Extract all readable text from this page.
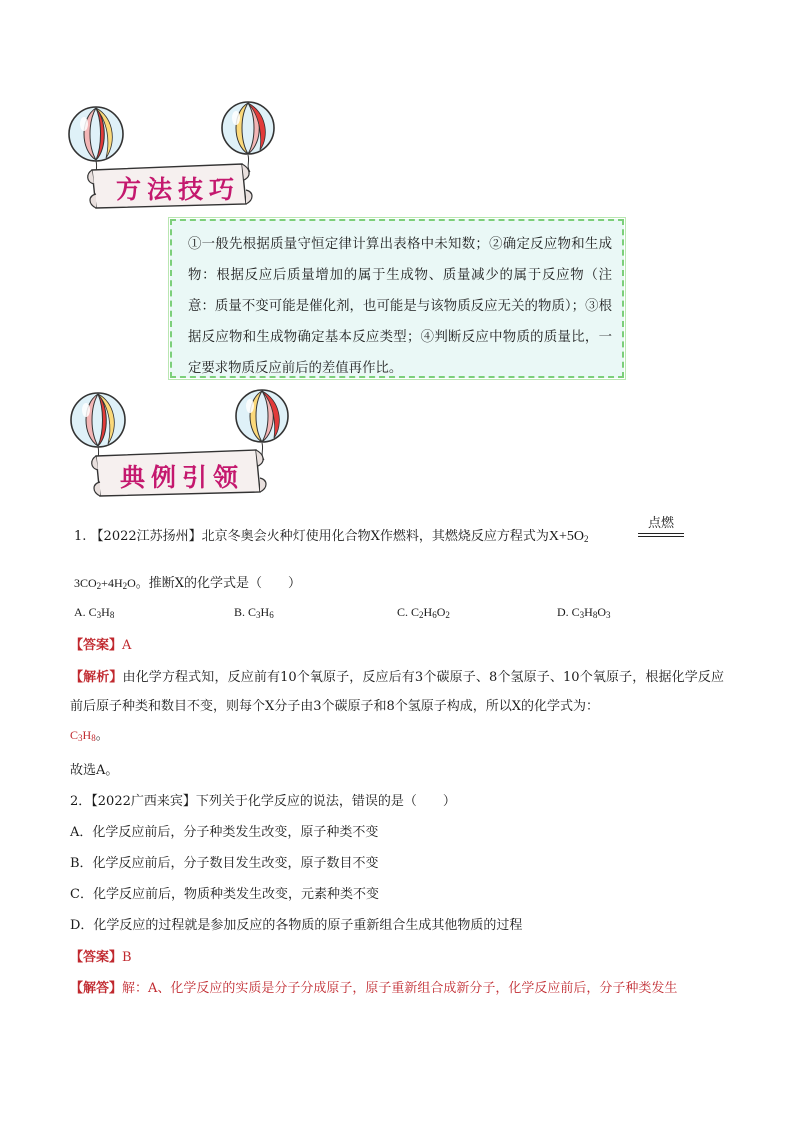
方法技巧
①一般先根据质量守恒定律计算出表格中未知数；②确定反应物和生成物：根据反应后质量增加的属于生成物、质量减少的属于反应物（注意：质量不变可能是催化剂，也可能是与该物质反应无关的物质）；③根据反应物和生成物确定基本反应类型；④判断反应中物质的质量比，一定要求物质反应前后的差值再作比。
典例引领
1. 【2022江苏扬州】北京冬奥会火种灯使用化合物X作燃料，其燃烧反应方程式为$X+5O_2$
点燃
$3CO_2+4H_2O$。推断X的化学式是（　　）
A. $C_3H_8$	B. $C_3H_6$	C. $C_2H_6O_2$	D. $C_3H_8O_3$
【答案】A
【解析】由化学方程式知，反应前有10个氧原子，反应后有3个碳原子、8个氢原子、10个氧原子，根据化学反应前后原子种类和数目不变，则每个X分子由3个碳原子和8个氢原子构成，所以X的化学式为：
$C_3H_8$。
故选A。
2．【2022广西来宾】下列关于化学反应的说法，错误的是（　　）
A．化学反应前后，分子种类发生改变，原子种类不变
B．化学反应前后，分子数目发生改变，原子数目不变
C．化学反应前后，物质种类发生改变，元素种类不变
D．化学反应的过程就是参加反应的各物质的原子重新组合生成其他物质的过程
【答案】B
【解答】解：A、化学反应的实质是分子分成原子，原子重新组合成新分子，化学反应前后，分子种类发生
